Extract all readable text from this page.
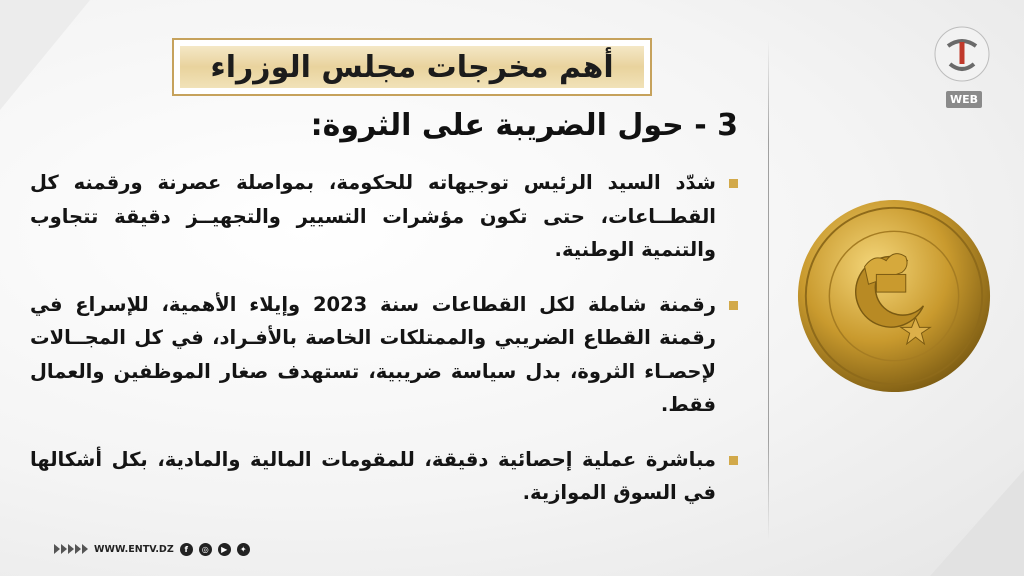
أهم مخرجات مجلس الوزراء
3 - حول الضريبة على الثروة:
شدّد السيد الرئيس توجيهاته للحكومة، بمواصلة عصرنة ورقمنه كل القطــاعات، حتى تكون مؤشرات التسيير والتجهيــز دقيقة تتجاوب والتنمية الوطنية.
رقمنة شاملة لكل القطاعات سنة 2023 وإيلاء الأهمية، للإسراع في رقمنة القطاع الضريبي والممتلكات الخاصة بالأفـراد، في كل المجــالات لإحصـاء الثروة، بدل سياسة ضريبية، تستهدف صغار الموظفين والعمال فقط.
مباشرة عملية إحصائية دقيقة، للمقومات المالية والمادية، بكل أشكالها في السوق الموازية.
WEB
WWW.ENTV.DZ	f	◎	▶	✦
